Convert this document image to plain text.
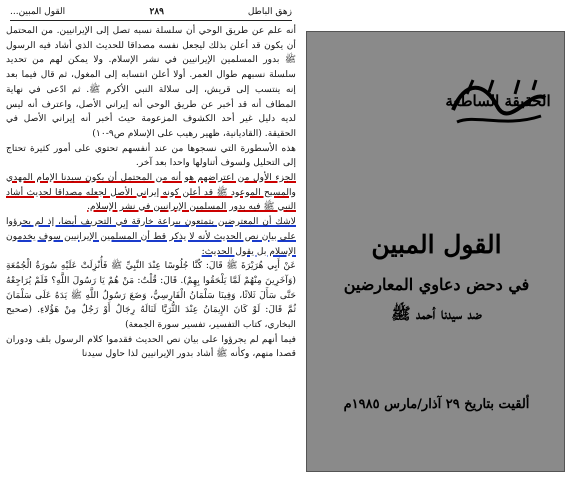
زهق الباطل
٢٨٩
القول المبين...

أنه علم عن طريق الوحي أن سلسلة نسبه تصل إلى الإيرانيين. من المحتمل أن يكون قد أعلن بذلك ليجعل نفسه مصداقا للحديث الذي أشاد فيه الرسول ﷺ بدور المسلمين الإيرانيين في نشر الإسلام. ولا يمكن لهم من تحديد سلسلة نسبهم طوال العمر. أولا أعلن انتسابه إلى المغول، ثم قال فيما بعد إنه ينتسب إلى قريش، إلى سلالة النبي الأكرم ﷺ. ثم ادّعى في نهاية المطاف أنه قد أخبر عن طريق الوحي أنه إيراني الأصل، واعترف أنه ليس لديه دليل غير أحد الكشوف المزعومة حيث أخبر أنه إيراني الأصل في الحقيقة. (القاديانية، ظهير رهيب على الإسلام ص٩-١٠)

هذه الأسطورة التي نسجوها من عند أنفسهم تحتوي على أمور كثيرة تحتاج إلى التحليل ولسوف أتناولها واحدا بعد آخر.

الجزء الأول من اعتراضهم هو أنه من المحتمل أن يكون سيدنا الإمام المهدي والمسيح الموعود ﷺ قد أعلن كونه إيراني الأصل لجعله مصداقا لحديث أشاد النبي ﷺ فيه بدور المسلمين الإيرانيين في نشر الإسلام.

لاشك أن المعترضين يتمتعون ببراعة خارقة في التحريف أيضا، إذ لم يجرؤوا على بيان نص الحديث لأنه لا يذكر قط أن المسلمين الإيرانيين سوف يخدمون الإسلام بل يقول الحديث:

عَنْ أَبِي هُرَيْرَةَ ﷺ قَالَ: كُنَّا جُلُوسًا عِنْدَ النَّبِيِّ ﷺ فَأُنْزِلَتْ عَلَيْهِ سُورَةُ الْجُمُعَةِ (وَآخَرِينَ مِنْهُمْ لَمَّا يَلْحَقُوا بِهِمْ). قَالَ: قُلْتُ: مَنْ هُمْ يَا رَسُولَ اللَّهِ؟ فَلَمْ يُرَاجِعْهُ حَتَّى سَأَلَ ثَلاثًا، وَفِينَا سَلْمَانُ الْفَارِسِيُّ، وَضَعَ رَسُولُ اللَّهِ ﷺ يَدَهُ عَلَى سَلْمَانَ ثُمَّ قَالَ: لَوْ كَانَ الإِيمَانُ عِنْدَ الثُّرَيَّا لَنَالَهُ رِجَالٌ أَوْ رَجُلٌ مِنْ هَؤُلاءِ. (صحيح البخاري، كتاب التفسير، تفسير سورة الجمعة)

فيما أنهم لم يجرؤوا على بيان نص الحديث فقدموا كلام الرسول بلف ودوران قصدا منهم، وكأنه ﷺ أشاد بدور الإيرانيين لذا حاول سيدنا

الحقيقة الساطعة
القول المبين
في دحض دعاوي المعارضين
ضد سيدنا أحمد ﷺ
ألقيت بتاريخ ٢٩ آذار/مارس ١٩٨٥م
